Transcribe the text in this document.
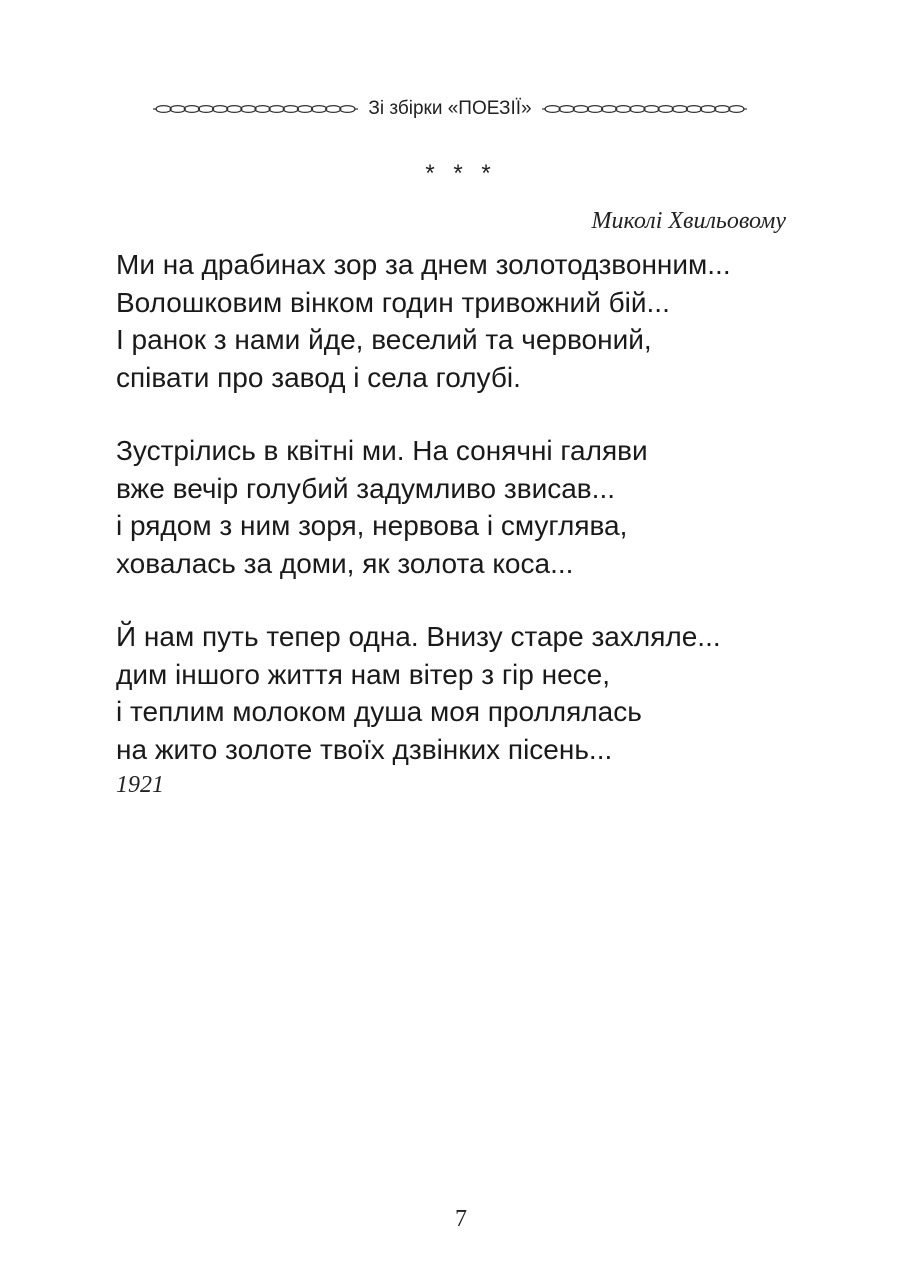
Зі збірки «ПОЕЗІЇ»
* * *
Миколі Хвильовому
Ми на драбинах зор за днем золотодзвонним...
Волошковим вінком годин тривожний бій...
І ранок з нами йде, веселий та червоний,
співати про завод і села голубі.
Зустрілись в квітні ми. На сонячні галяви
вже вечір голубий задумливо звисав...
і рядом з ним зоря, нервова і смуглява,
ховалась за доми, як золота коса...
Й нам путь тепер одна. Внизу старе захляле...
дим іншого життя нам вітер з гір несе,
і теплим молоком душа моя проллялась
на жито золоте твоїх дзвінких пісень...
1921
7
